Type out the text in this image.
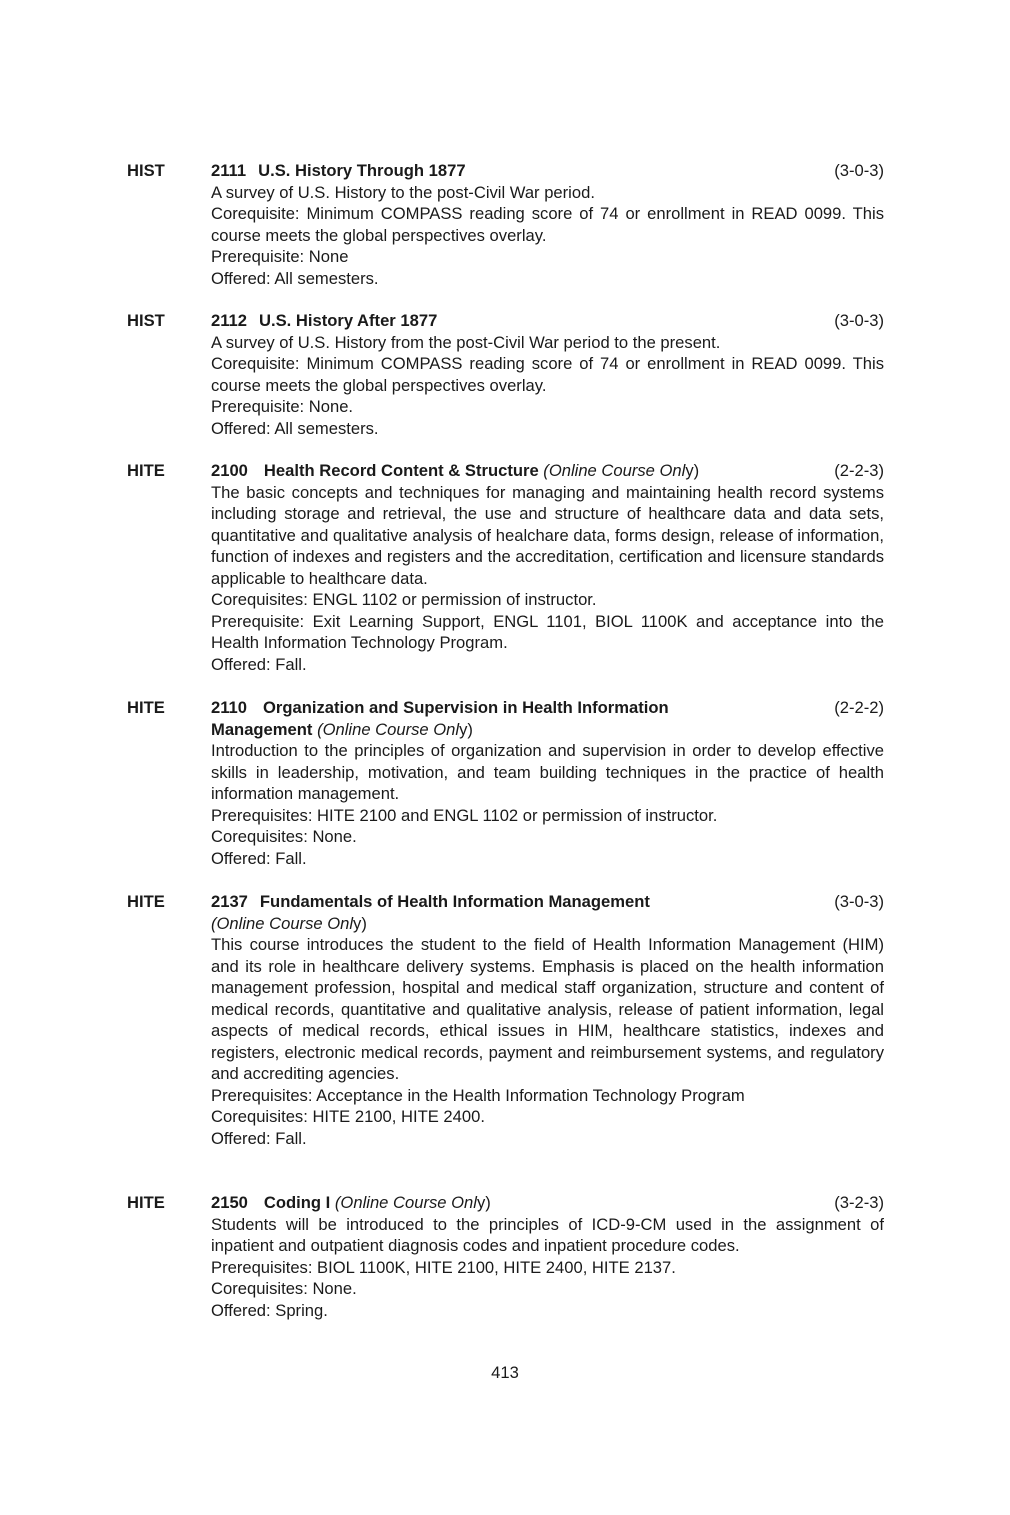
HIST	2111 U.S. History Through 1877	(3-0-3)
A survey of U.S. History to the post-Civil War period.
Corequisite: Minimum COMPASS reading score of 74 or enrollment in READ 0099. This course meets the global perspectives overlay.
Prerequisite: None
Offered: All semesters.
HIST	2112 U.S. History After 1877	(3-0-3)
A survey of U.S. History from the post-Civil War period to the present.
Corequisite: Minimum COMPASS reading score of 74 or enrollment in READ 0099. This course meets the global perspectives overlay.
Prerequisite: None.
Offered: All semesters.
HITE	2100 Health Record Content & Structure (Online Course Only)	(2-2-3)
The basic concepts and techniques for managing and maintaining health record systems including storage and retrieval, the use and structure of healthcare data and data sets, quantitative and qualitative analysis of healchare data, forms design, release of information, function of indexes and registers and the accreditation, certification and licensure standards applicable to healthcare data.
Corequisites: ENGL 1102 or permission of instructor.
Prerequisite: Exit Learning Support, ENGL 1101, BIOL 1100K and acceptance into the Health Information Technology Program.
Offered: Fall.
HITE	2110 Organization and Supervision in Health Information	(2-2-2)
Management (Online Course Only)
Introduction to the principles of organization and supervision in order to develop effective skills in leadership, motivation, and team building techniques in the practice of health information management.
Prerequisites: HITE 2100 and ENGL 1102 or permission of instructor.
Corequisites: None.
Offered: Fall.
HITE	2137 Fundamentals of Health Information Management	(3-0-3)
(Online Course Only)
This course introduces the student to the field of Health Information Management (HIM) and its role in healthcare delivery systems. Emphasis is placed on the health information management profession, hospital and medical staff organization, structure and content of medical records, quantitative and qualitative analysis, release of patient information, legal aspects of medical records, ethical issues in HIM, healthcare statistics, indexes and registers, electronic medical records, payment and reimbursement systems, and regulatory and accrediting agencies.
Prerequisites: Acceptance in the Health Information Technology Program
Corequisites: HITE 2100, HITE 2400.
Offered: Fall.
HITE	2150 Coding I (Online Course Only)	(3-2-3)
Students will be introduced to the principles of ICD-9-CM used in the assignment of inpatient and outpatient diagnosis codes and inpatient procedure codes.
Prerequisites: BIOL 1100K, HITE 2100, HITE 2400, HITE 2137.
Corequisites: None.
Offered: Spring.
413
